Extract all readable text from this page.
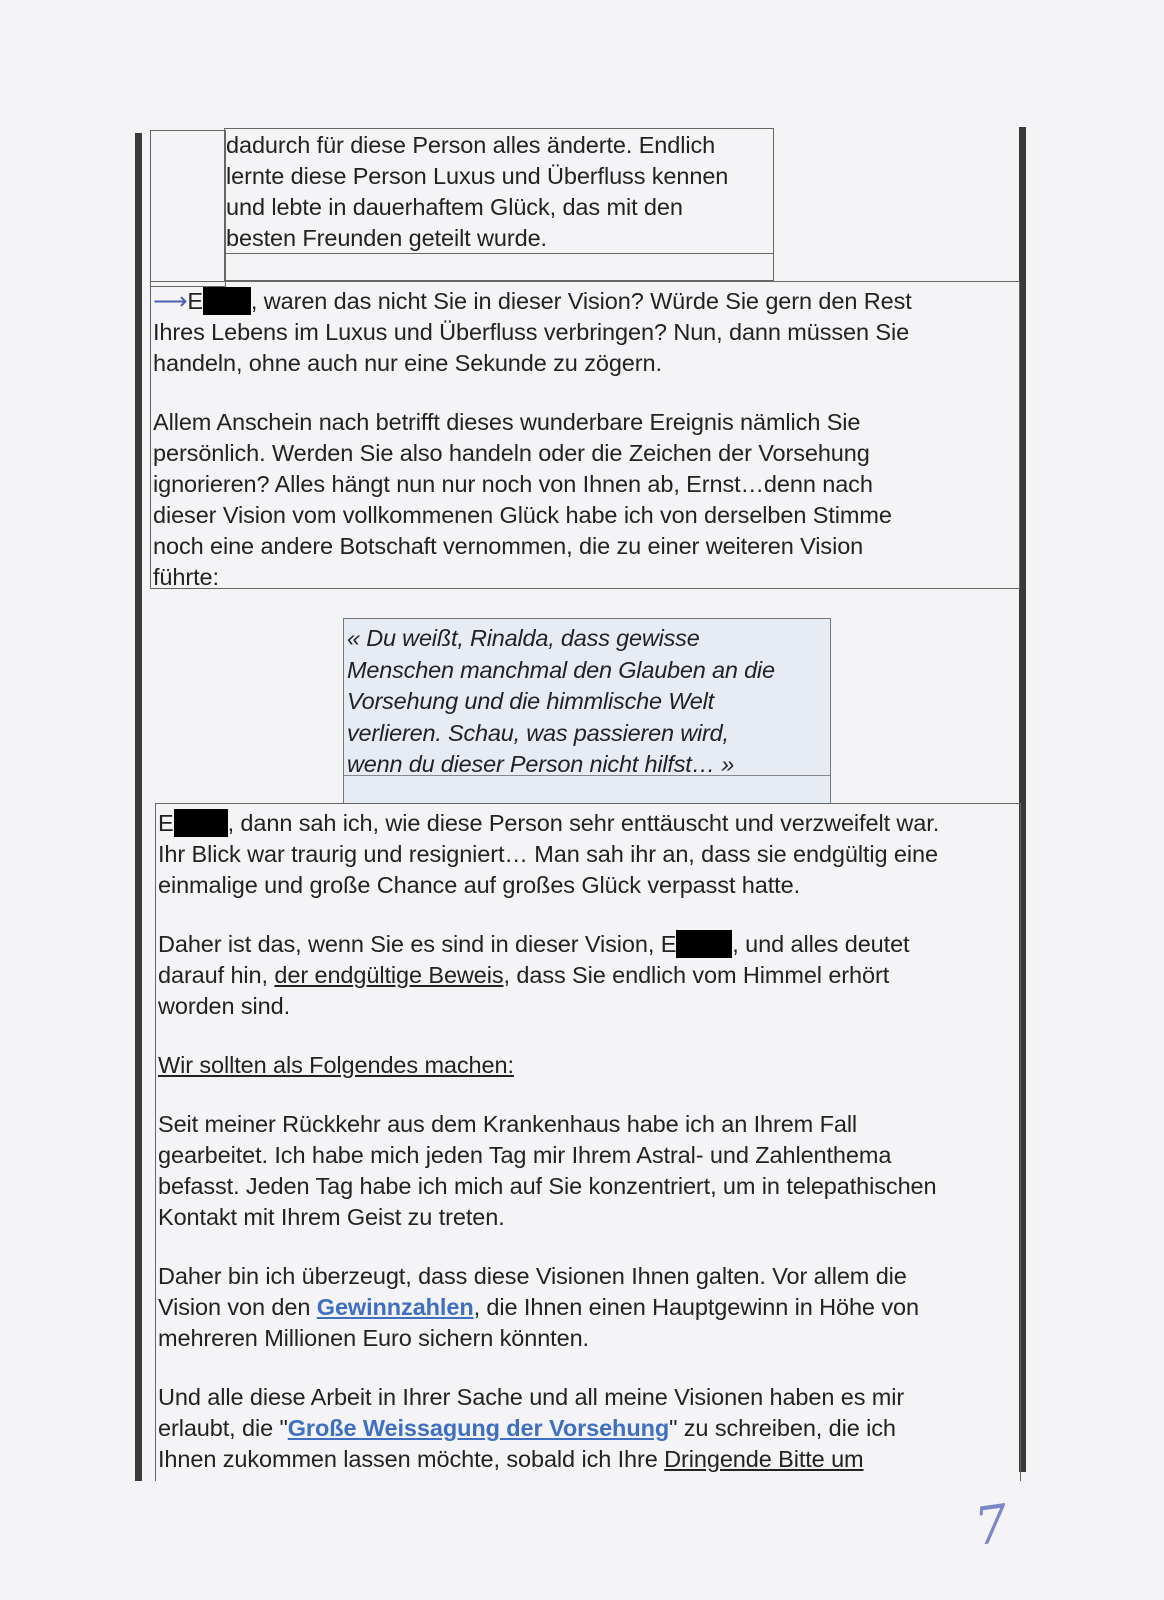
dadurch für diese Person alles änderte. Endlich
lernte diese Person Luxus und Überfluss kennen
und lebte in dauerhaftem Glück, das mit den
besten Freunden geteilt wurde.

⟶E , waren das nicht Sie in dieser Vision? Würde Sie gern den Rest
Ihres Lebens im Luxus und Überfluss verbringen? Nun, dann müssen Sie
handeln, ohne auch nur eine Sekunde zu zögern.

Allem Anschein nach betrifft dieses wunderbare Ereignis nämlich Sie
persönlich. Werden Sie also handeln oder die Zeichen der Vorsehung
ignorieren? Alles hängt nun nur noch von Ihnen ab, Ernst…denn nach
dieser Vision vom vollkommenen Glück habe ich von derselben Stimme
noch eine andere Botschaft vernommen, die zu einer weiteren Vision
führte:

« Du weißt, Rinalda, dass gewisse
Menschen manchmal den Glauben an die
Vorsehung und die himmlische Welt
verlieren. Schau, was passieren wird,
wenn du dieser Person nicht hilfst… »

E , dann sah ich, wie diese Person sehr enttäuscht und verzweifelt war.
Ihr Blick war traurig und resigniert… Man sah ihr an, dass sie endgültig eine
einmalige und große Chance auf großes Glück verpasst hatte.

Daher ist das, wenn Sie es sind in dieser Vision, E , und alles deutet
darauf hin, der endgültige Beweis, dass Sie endlich vom Himmel erhört
worden sind.

Wir sollten als Folgendes machen:

Seit meiner Rückkehr aus dem Krankenhaus habe ich an Ihrem Fall
gearbeitet. Ich habe mich jeden Tag mir Ihrem Astral- und Zahlenthema
befasst. Jeden Tag habe ich mich auf Sie konzentriert, um in telepathischen
Kontakt mit Ihrem Geist zu treten.

Daher bin ich überzeugt, dass diese Visionen Ihnen galten. Vor allem die
Vision von den Gewinnzahlen, die Ihnen einen Hauptgewinn in Höhe von
mehreren Millionen Euro sichern könnten.

Und alle diese Arbeit in Ihrer Sache und all meine Visionen haben es mir
erlaubt, die "Große Weissagung der Vorsehung" zu schreiben, die ich
Ihnen zukommen lassen möchte, sobald ich Ihre Dringende Bitte um

7
